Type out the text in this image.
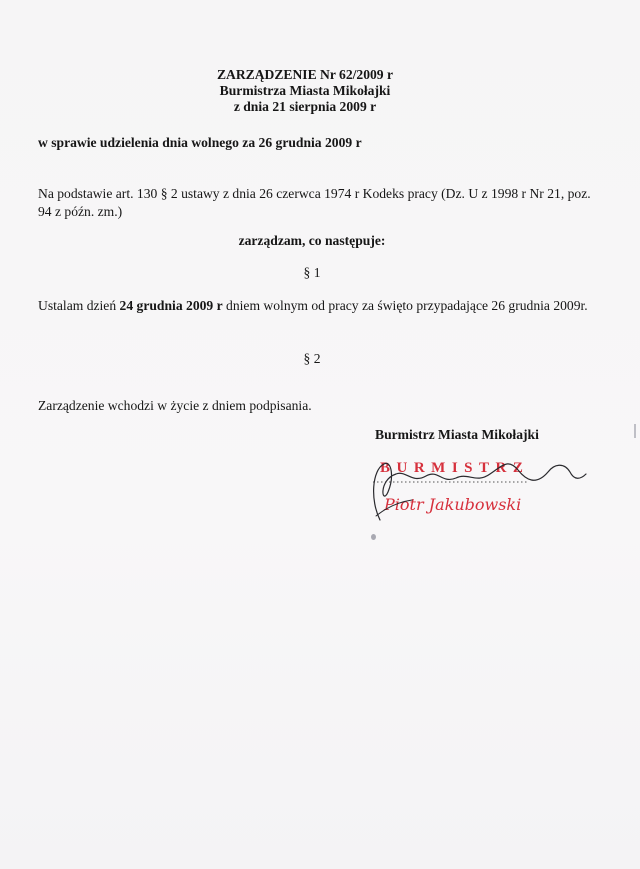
ZARZĄDZENIE Nr 62/2009 r
Burmistrza Miasta Mikołajki
z dnia 21 sierpnia 2009 r
w sprawie udzielenia dnia wolnego za 26 grudnia 2009 r
Na podstawie art. 130 § 2 ustawy z dnia 26 czerwca 1974 r Kodeks pracy (Dz. U z 1998 r Nr 21, poz. 94 z późn. zm.)
zarządzam, co następuje:
§ 1
Ustalam dzień 24 grudnia 2009 r dniem wolnym od pracy za święto przypadające 26 grudnia 2009r.
§ 2
Zarządzenie wchodzi w życie z dniem podpisania.
Burmistrz Miasta Mikołajki
BURMISTRZ
Piotr Jakubowski
